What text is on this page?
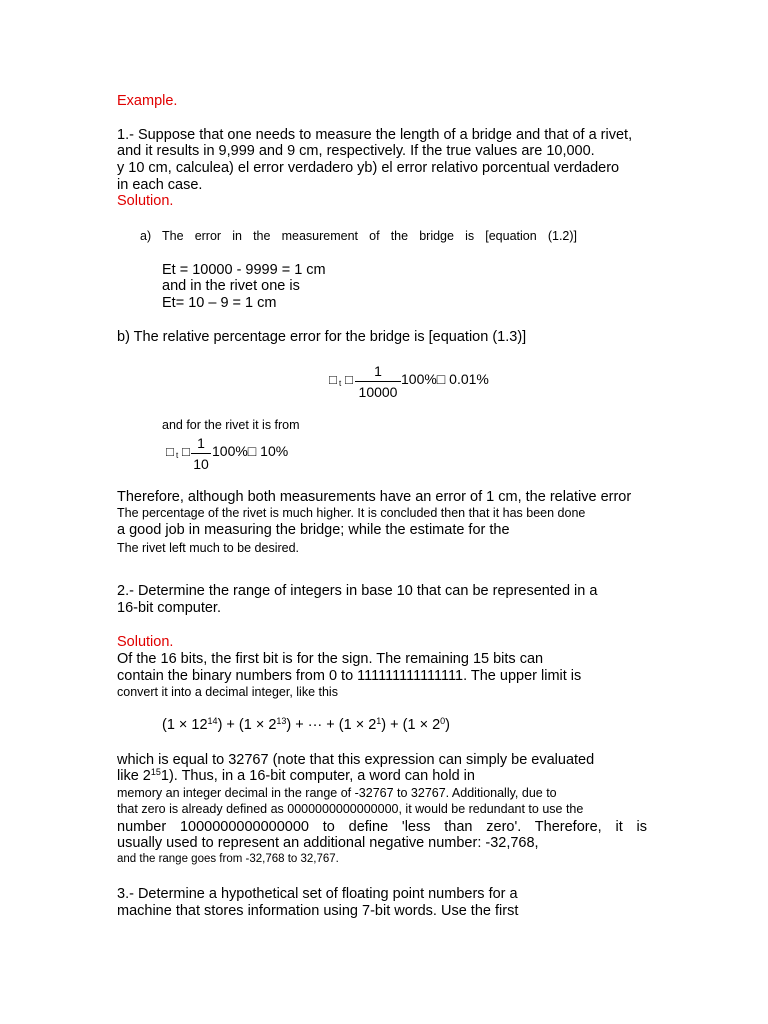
Example.
1.- Suppose that one needs to measure the length of a bridge and that of a rivet,
and it results in 9,999 and 9 cm, respectively. If the true values are 10,000.
y 10 cm, calculea) el error verdadero yb) el error relativo porcentual verdadero
in each case.
Solution.
a) The error in the measurement of the bridge is [equation (1.2)]
Et = 10000 - 9999 = 1 cm
and in the rivet one is
Et= 10 – 9 = 1 cm
b) The relative percentage error for the bridge is [equation (1.3)]
□ t □
1
10000
100%□ 0.01%
and for the rivet it is from
□ t □
1
10
100%□ 10%
Therefore, although both measurements have an error of 1 cm, the relative error
The percentage of the rivet is much higher. It is concluded then that it has been done
a good job in measuring the bridge; while the estimate for the
The rivet left much to be desired.
2.- Determine the range of integers in base 10 that can be represented in a
16-bit computer.
Solution.
Of the 16 bits, the first bit is for the sign. The remaining 15 bits can
contain the binary numbers from 0 to 111111111111111. The upper limit is
convert it into a decimal integer, like this
$(1 \times 12^{14}) + (1 \times 2^{13})$ + ··· + $(1 \times 2^1) + (1 \times 2^0)$
which is equal to 32767 (note that this expression can simply be evaluated
like $2^{15}1$). Thus, in a 16-bit computer, a word can hold in
memory an integer decimal in the range of -32767 to 32767. Additionally, due to
that zero is already defined as 0000000000000000, it would be redundant to use the
number 1000000000000000 to define 'less than zero'. Therefore, it is
usually used to represent an additional negative number: -32,768,
and the range goes from -32,768 to 32,767.
3.- Determine a hypothetical set of floating point numbers for a
machine that stores information using 7-bit words. Use the first
